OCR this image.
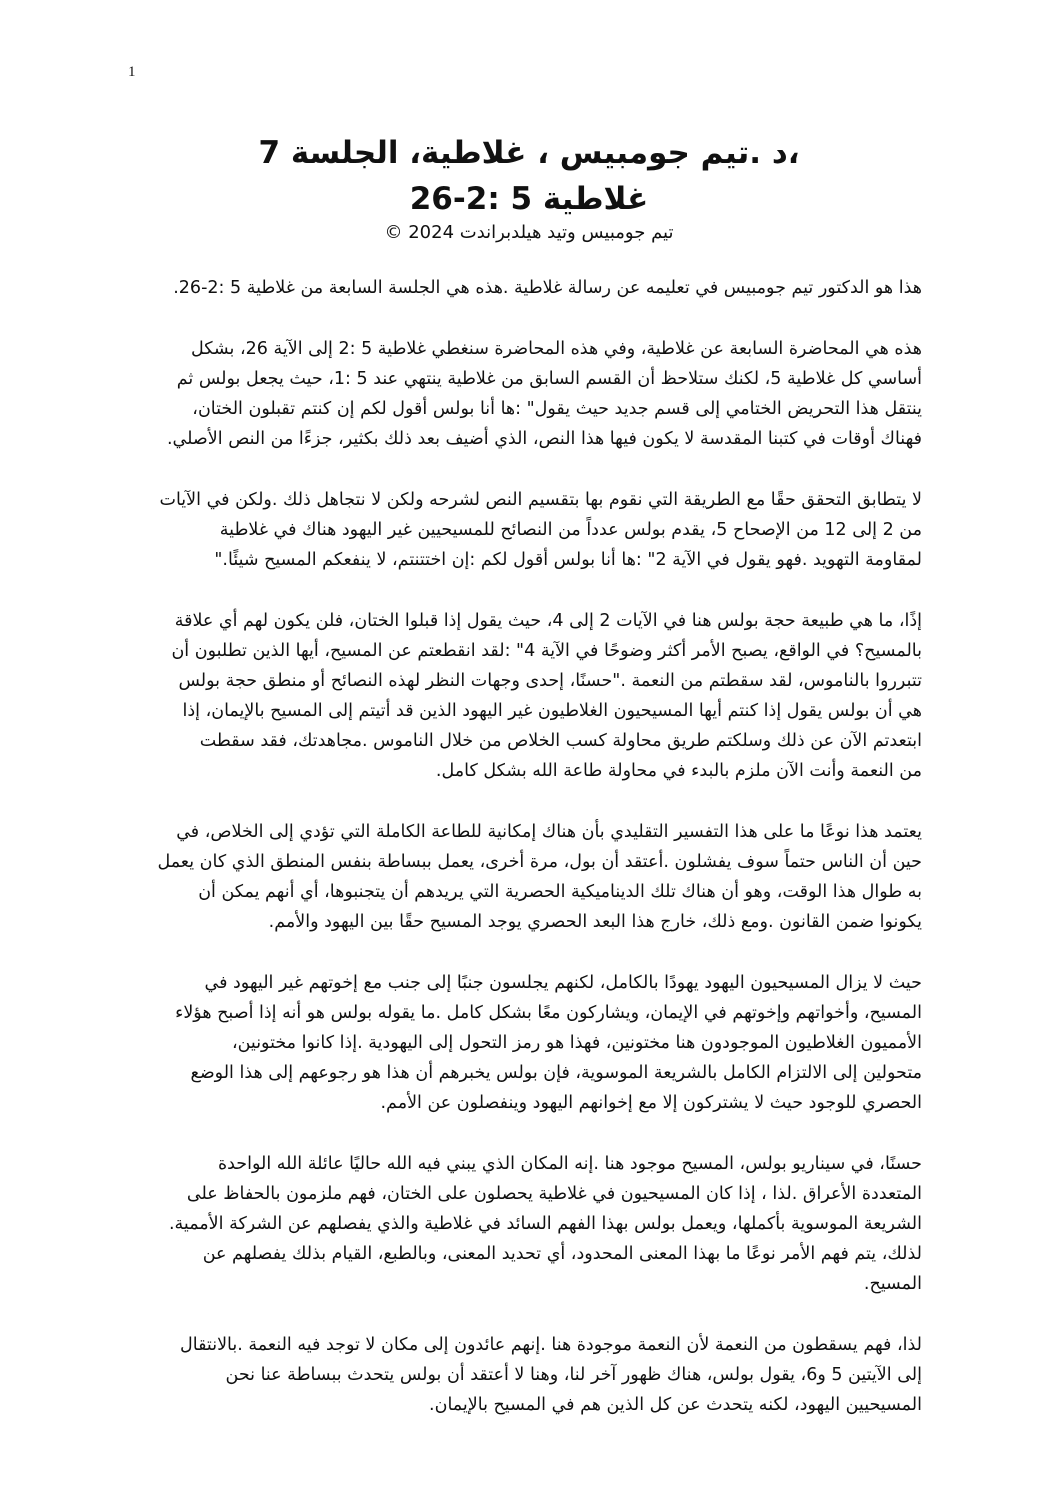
1
،د .تيم جومبيس ، غلاطية، الجلسة 7
غلاطية 5 :2-26
تيم جومبيس وتيد هيلدبراندت 2024 ©
هذا هو الدكتور تيم جومبيس في تعليمه عن رسالة غلاطية .هذه هي الجلسة السابعة من غلاطية 5 :2-26.
هذه هي المحاضرة السابعة عن غلاطية، وفي هذه المحاضرة سنغطي غلاطية 5 :2 إلى الآية 26، بشكل
أساسي كل غلاطية 5، لكنك ستلاحظ أن القسم السابق من غلاطية ينتهي عند 5 :1، حيث يجعل بولس ثم
ينتقل هذا التحريض الختامي إلى قسم جديد حيث يقول" :ها أنا بولس أقول لكم إن كنتم تقبلون الختان،
فهناك أوقات في كتبنا المقدسة لا يكون فيها هذا النص، الذي أضيف بعد ذلك بكثير، جزءًا من النص الأصلي.
لا يتطابق التحقق حقًا مع الطريقة التي نقوم بها بتقسيم النص لشرحه ولكن لا نتجاهل ذلك .ولكن في الآيات
من 2 إلى 12 من الإصحاح 5، يقدم بولس عدداً من النصائح للمسيحيين غير اليهود هناك في غلاطية
لمقاومة التهويد .فهو يقول في الآية 2" :ها أنا بولس أقول لكم :إن اختتنتم، لا ينفعكم المسيح شيئًا."
إذًا، ما هي طبيعة حجة بولس هنا في الآيات 2 إلى 4، حيث يقول إذا قبلوا الختان، فلن يكون لهم أي علاقة
بالمسيح؟ في الواقع، يصبح الأمر أكثر وضوحًا في الآية 4" :لقد انقطعتم عن المسيح، أيها الذين تطلبون أن
تتبرروا بالناموس، لقد سقطتم من النعمة ."حسنًا، إحدى وجهات النظر لهذه النصائح أو منطق حجة بولس
هي أن بولس يقول إذا كنتم أيها المسيحيون الغلاطيون غير اليهود الذين قد أتيتم إلى المسيح بالإيمان، إذا
ابتعدتم الآن عن ذلك وسلكتم طريق محاولة كسب الخلاص من خلال الناموس .مجاهدتك، فقد سقطت
من النعمة وأنت الآن ملزم بالبدء في محاولة طاعة الله بشكل كامل.
يعتمد هذا نوعًا ما على هذا التفسير التقليدي بأن هناك إمكانية للطاعة الكاملة التي تؤدي إلى الخلاص، في
حين أن الناس حتماً سوف يفشلون .أعتقد أن بول، مرة أخرى، يعمل ببساطة بنفس المنطق الذي كان يعمل
به طوال هذا الوقت، وهو أن هناك تلك الديناميكية الحصرية التي يريدهم أن يتجنبوها، أي أنهم يمكن أن
يكونوا ضمن القانون .ومع ذلك، خارج هذا البعد الحصري يوجد المسيح حقًا بين اليهود والأمم.
حيث لا يزال المسيحيون اليهود يهودًا بالكامل، لكنهم يجلسون جنبًا إلى جنب مع إخوتهم غير اليهود في
المسيح، وأخواتهم وإخوتهم في الإيمان، ويشاركون معًا بشكل كامل .ما يقوله بولس هو أنه إذا أصبح هؤلاء
الأمميون الغلاطيون الموجودون هنا مختونين، فهذا هو رمز التحول إلى اليهودية .إذا كانوا مختونين،
متحولين إلى الالتزام الكامل بالشريعة الموسوية، فإن بولس يخبرهم أن هذا هو رجوعهم إلى هذا الوضع
الحصري للوجود حيث لا يشتركون إلا مع إخوانهم اليهود وينفصلون عن الأمم.
حسنًا، في سيناريو بولس، المسيح موجود هنا .إنه المكان الذي يبني فيه الله حاليًا عائلة الله الواحدة
المتعددة الأعراق .لذا ، إذا كان المسيحيون في غلاطية يحصلون على الختان، فهم ملزمون بالحفاظ على
الشريعة الموسوية بأكملها، ويعمل بولس بهذا الفهم السائد في غلاطية والذي يفصلهم عن الشركة الأممية.
لذلك، يتم فهم الأمر نوعًا ما بهذا المعنى المحدود، أي تحديد المعنى، وبالطبع، القيام بذلك يفصلهم عن
المسيح.
لذا، فهم يسقطون من النعمة لأن النعمة موجودة هنا .إنهم عائدون إلى مكان لا توجد فيه النعمة .بالانتقال
إلى الآيتين 5 و6، يقول بولس، هناك ظهور آخر لنا، وهنا لا أعتقد أن بولس يتحدث ببساطة عنا نحن
المسيحيين اليهود، لكنه يتحدث عن كل الذين هم في المسيح بالإيمان.
